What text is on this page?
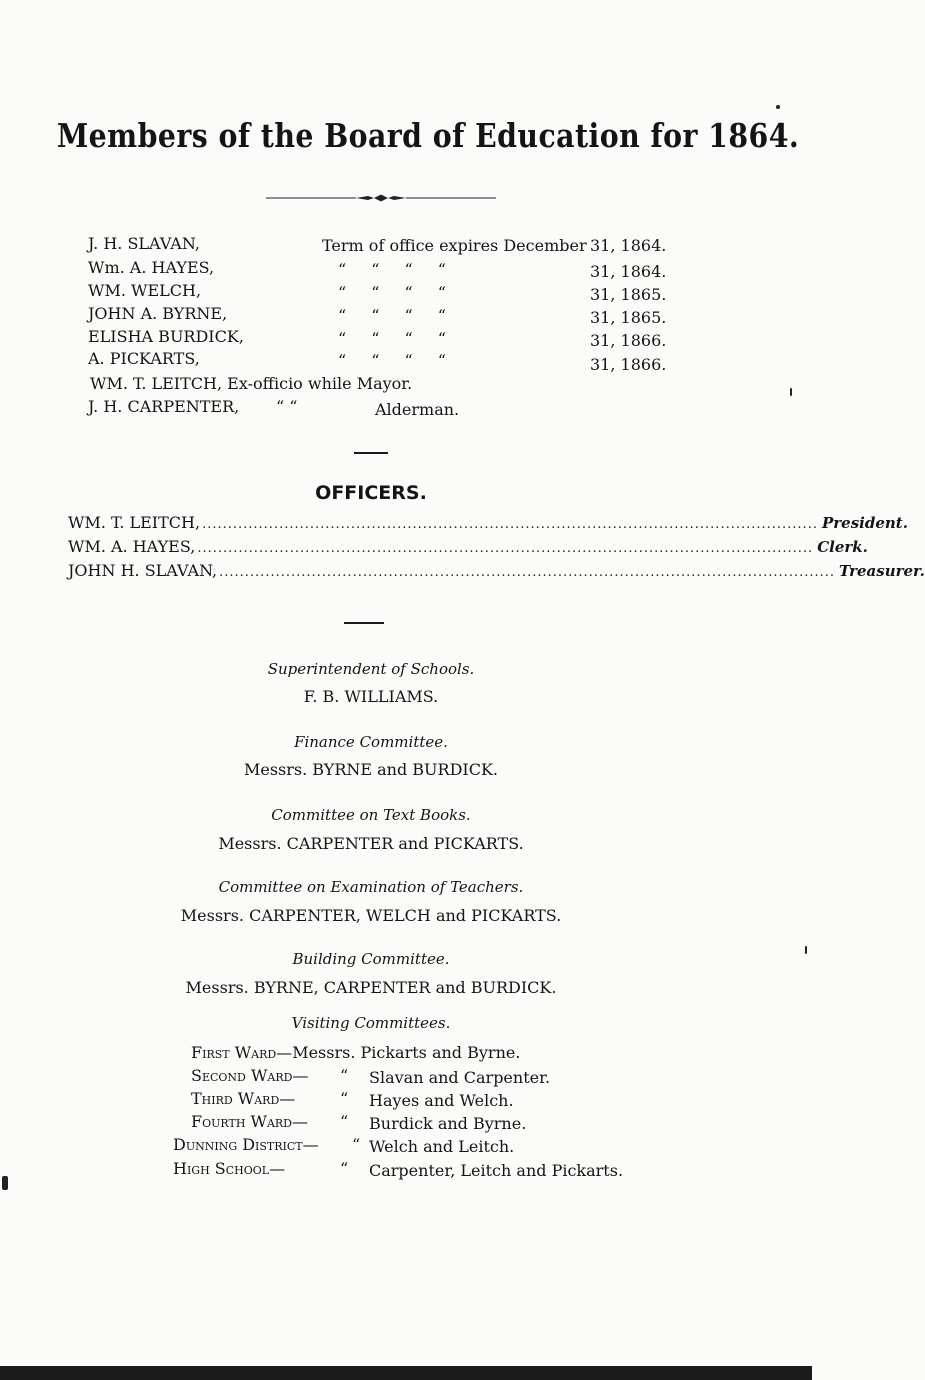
Members of the Board of Education for 1864.
J. H. SLAVAN,	Term of office expires December 31, 1864.
Wm. A. HAYES,	“ “ “ “	31, 1864.
WM. WELCH,	“ “ “ “	31, 1865.
JOHN A. BYRNE,	“ “ “ “	31, 1865.
ELISHA BURDICK,	“ “ “ “	31, 1866.
A. PICKARTS,	“ “ “ “	31, 1866.
WM. T. LEITCH, Ex-officio while Mayor.
J. H. CARPENTER, “ “	Alderman.
OFFICERS.
WM. T. LEITCH, ........................................................................................................................ President.
WM. A. HAYES, ........................................................................................................................ Clerk.
JOHN H. SLAVAN, ........................................................................................................................ Treasurer.
Superintendent of Schools.
F. B. WILLIAMS.
Finance Committee.
Messrs. BYRNE and BURDICK.
Committee on Text Books.
Messrs. CARPENTER and PICKARTS.
Committee on Examination of Teachers.
Messrs. CARPENTER, WELCH and PICKARTS.
Building Committee.
Messrs. BYRNE, CARPENTER and BURDICK.
Visiting Committees.
First Ward—Messrs. Pickarts and Byrne.
Second Ward— “ Slavan and Carpenter.
Third Ward—	“ Hayes and Welch.
Fourth Ward— “ Burdick and Byrne.
Dunning District— “ Welch and Leitch.
High School—	“ Carpenter, Leitch and Pickarts.
